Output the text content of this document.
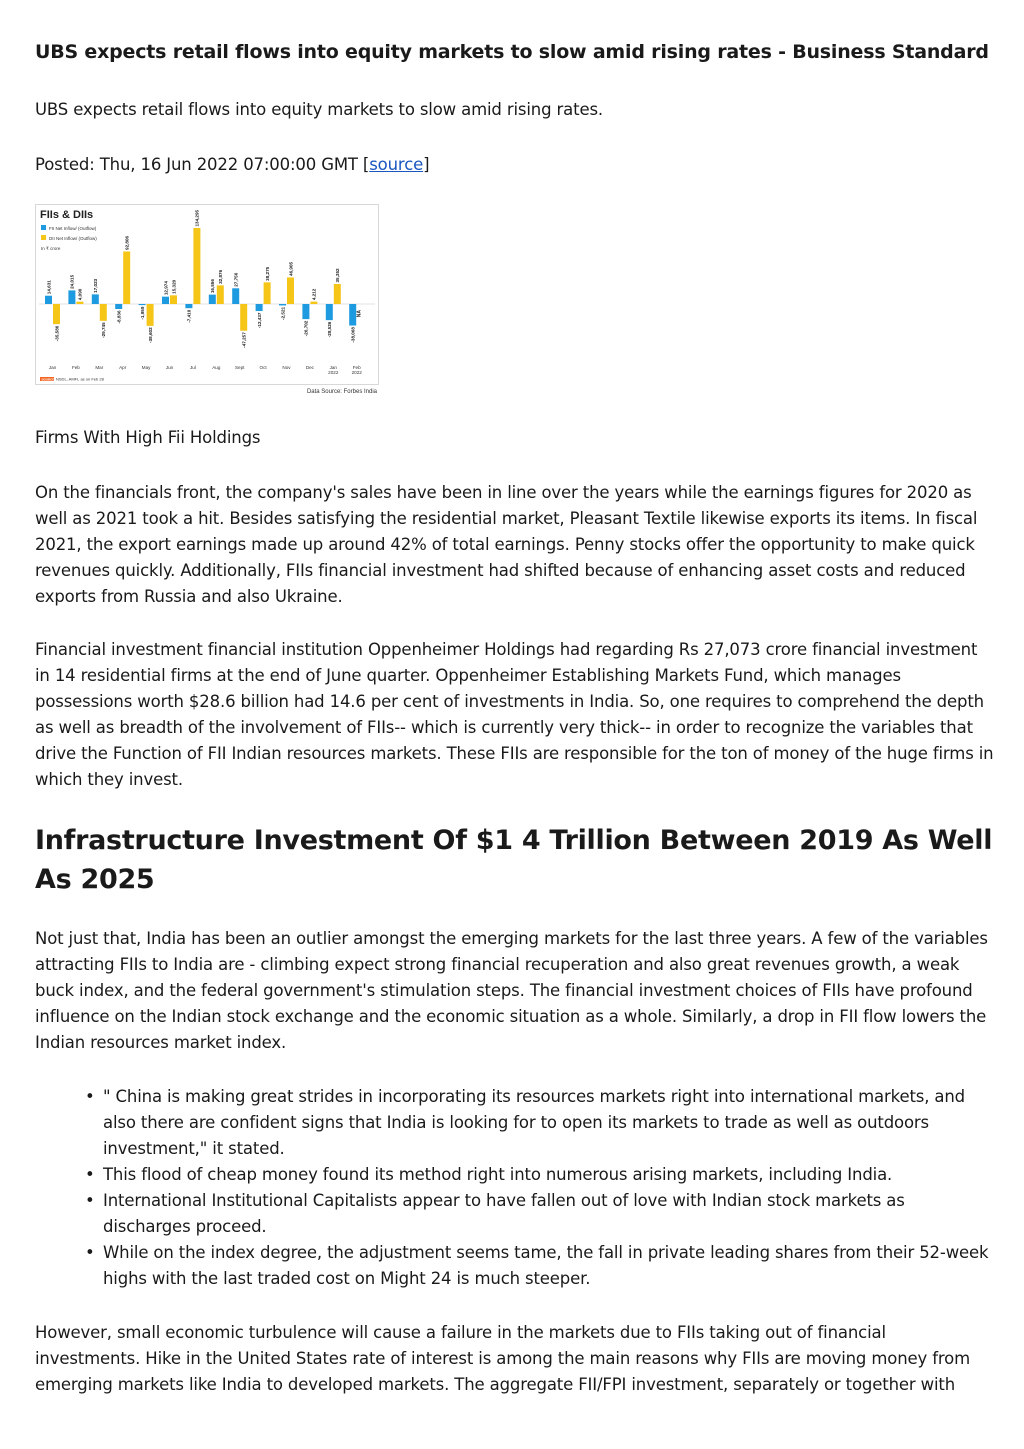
UBS expects retail flows into equity markets to slow amid rising rates - Business Standard

UBS expects retail flows into equity markets to slow amid rising rates.

Posted: Thu, 16 Jun 2022 07:00:00 GMT [source]

FIIs & DIIs
FII Net Inflow/ (Outflow)
DII Net Inflow/ (Outflow)
In ₹ crore
14,631
-35,586
24,015
4,090
17,023
-29,745
-8,836
92,806
-1,959
-38,602
12,974 15,320
-7,410
134,295
16,556
32,876 27,756
-47,257
-12,437
38,275
-2,521
46,905
-26,702
4,212
-28,526
35,352
-38,068
NA
Jan	Feb	Mar	Apr	May	Jun	Jul	Aug	Sept	Oct	Nov	Dec	Jan
2022
Feb
2022
SOURCE NSDL, AMFI, as on Feb 28
Data Source: Forbes India

Firms With High Fii Holdings

On the financials front, the company's sales have been in line over the years while the earnings figures for 2020 as well as 2021 took a hit. Besides satisfying the residential market, Pleasant Textile likewise exports its items. In fiscal 2021, the export earnings made up around 42% of total earnings. Penny stocks offer the opportunity to make quick revenues quickly. Additionally, FIIs financial investment had shifted because of enhancing asset costs and reduced exports from Russia and also Ukraine.

Financial investment financial institution Oppenheimer Holdings had regarding Rs 27,073 crore financial investment in 14 residential firms at the end of June quarter. Oppenheimer Establishing Markets Fund, which manages possessions worth $28.6 billion had 14.6 per cent of investments in India. So, one requires to comprehend the depth as well as breadth of the involvement of FIIs-- which is currently very thick-- in order to recognize the variables that drive the Function of FII Indian resources markets. These FIIs are responsible for the ton of money of the huge firms in which they invest.

Infrastructure Investment Of $1 4 Trillion Between 2019 As Well As 2025

Not just that, India has been an outlier amongst the emerging markets for the last three years. A few of the variables attracting FIIs to India are - climbing expect strong financial recuperation and also great revenues growth, a weak buck index, and the federal government's stimulation steps. The financial investment choices of FIIs have profound influence on the Indian stock exchange and the economic situation as a whole. Similarly, a drop in FII flow lowers the Indian resources market index.

• " China is making great strides in incorporating its resources markets right into international markets, and also there are confident signs that India is looking for to open its markets to trade as well as outdoors investment," it stated.
• This flood of cheap money found its method right into numerous arising markets, including India.
• International Institutional Capitalists appear to have fallen out of love with Indian stock markets as discharges proceed.
• While on the index degree, the adjustment seems tame, the fall in private leading shares from their 52-week highs with the last traded cost on Might 24 is much steeper.

However, small economic turbulence will cause a failure in the markets due to FIIs taking out of financial investments. Hike in the United States rate of interest is among the main reasons why FIIs are moving money from emerging markets like India to developed markets. The aggregate FII/FPI investment, separately or together with
